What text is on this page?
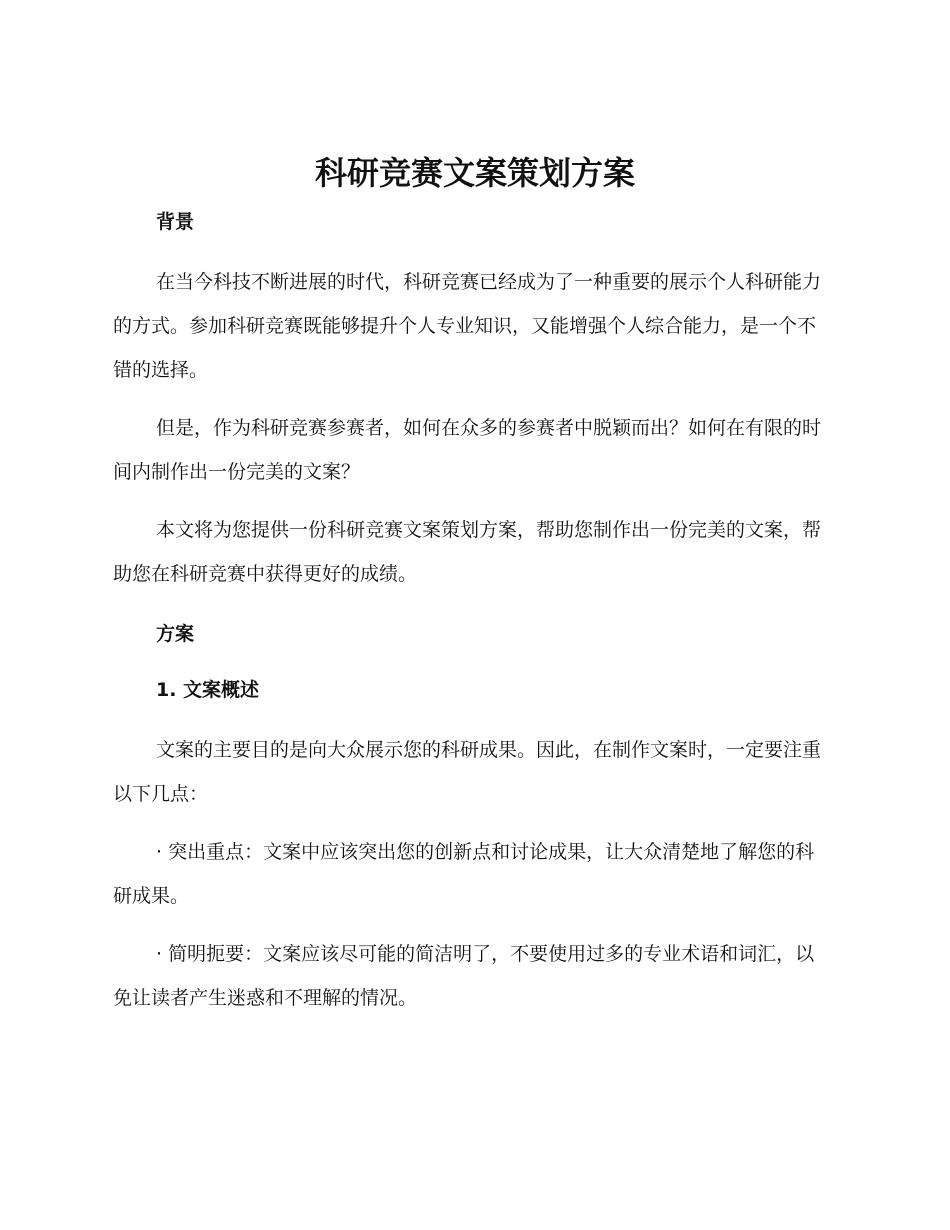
科研竞赛文案策划方案

背景

在当今科技不断进展的时代，科研竞赛已经成为了一种重要的展示个人科研能力的方式。参加科研竞赛既能够提升个人专业知识，又能增强个人综合能力，是一个不错的选择。

但是，作为科研竞赛参赛者，如何在众多的参赛者中脱颖而出？如何在有限的时间内制作出一份完美的文案？

本文将为您提供一份科研竞赛文案策划方案，帮助您制作出一份完美的文案，帮助您在科研竞赛中获得更好的成绩。

方案

1. 文案概述

文案的主要目的是向大众展示您的科研成果。因此，在制作文案时，一定要注重以下几点：

· 突出重点：文案中应该突出您的创新点和讨论成果，让大众清楚地了解您的科研成果。

· 简明扼要：文案应该尽可能的简洁明了，不要使用过多的专业术语和词汇，以免让读者产生迷惑和不理解的情况。
